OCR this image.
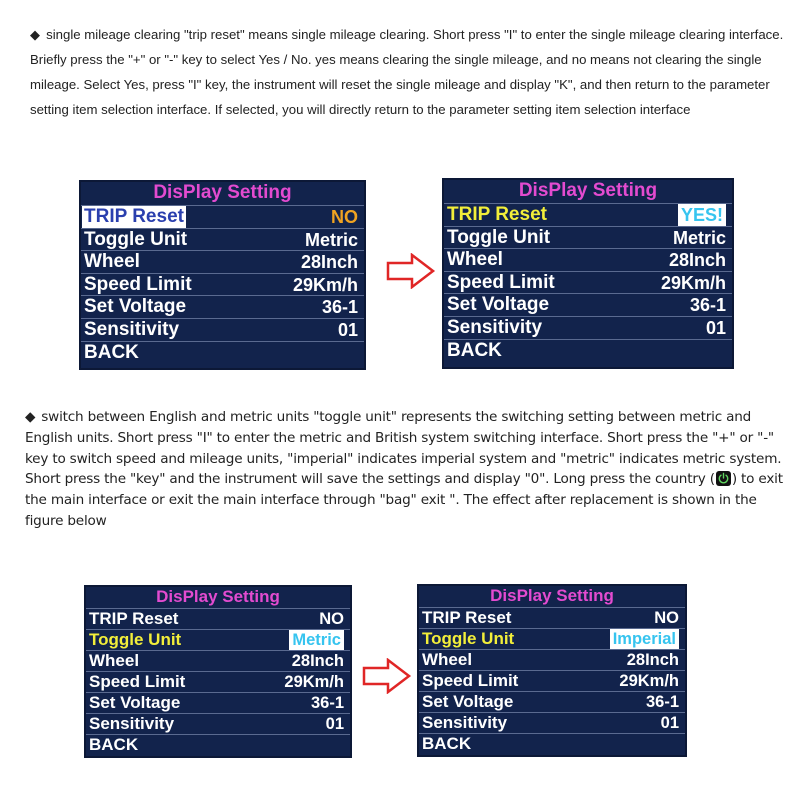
◆ single mileage clearing "trip reset" means single mileage clearing. Short press "I" to enter the single mileage clearing interface. Briefly press the "+" or "-" key to select Yes / No. yes means clearing the single mileage, and no means not clearing the single mileage. Select Yes, press "I" key, the instrument will reset the single mileage and display "K", and then return to the parameter setting item selection interface. If selected, you will directly return to the parameter setting item selection interface

DisPlay Setting
TRIP Reset	NO
Toggle Unit	Metric
Wheel	28Inch
Speed Limit	29Km/h
Set Voltage	36-1
Sensitivity	01
BACK
DisPlay Setting
TRIP Reset	YES!
Toggle Unit	Metric
Wheel	28Inch
Speed Limit	29Km/h
Set Voltage	36-1
Sensitivity	01
BACK

◆ switch between English and metric units "toggle unit" represents the switching setting between metric and English units. Short press "I" to enter the metric and British system switching interface. Short press the "+" or "-" key to switch speed and mileage units, "imperial" indicates imperial system and "metric" indicates metric system. Short press the "key" and the instrument will save the settings and display "0". Long press the country ( ) to exit the main interface or exit the main interface through "bag" exit ". The effect after replacement is shown in the figure below

DisPlay Setting
TRIP Reset	NO
Toggle Unit	Metric
Wheel	28Inch
Speed Limit	29Km/h
Set Voltage	36-1
Sensitivity	01
BACK
DisPlay Setting
TRIP Reset	NO
Toggle Unit	Imperial
Wheel	28Inch
Speed Limit	29Km/h
Set Voltage	36-1
Sensitivity	01
BACK
